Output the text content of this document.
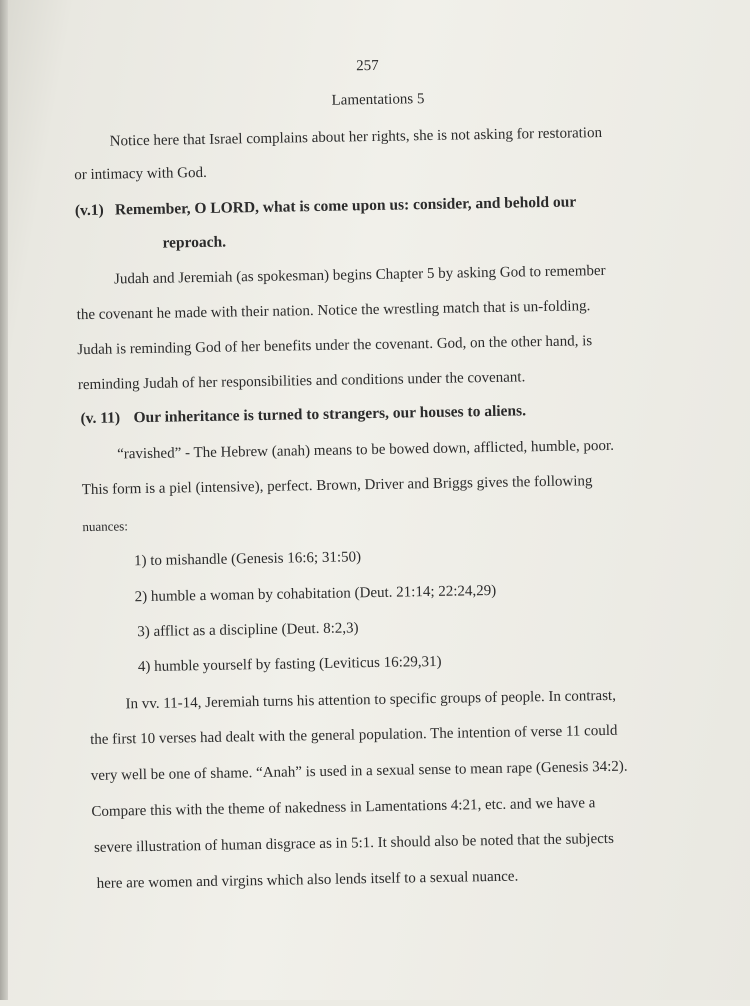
257
Lamentations 5
Notice here that Israel complains about her rights, she is not asking for restoration
or intimacy with God.
(v.1) Remember, O LORD, what is come upon us: consider, and behold our
reproach.
Judah and Jeremiah (as spokesman) begins Chapter 5 by asking God to remember
the covenant he made with their nation. Notice the wrestling match that is un-folding.
Judah is reminding God of her benefits under the covenant. God, on the other hand, is
reminding Judah of her responsibilities and conditions under the covenant.
(v. 11) Our inheritance is turned to strangers, our houses to aliens.
“ravished” - The Hebrew (anah) means to be bowed down, afflicted, humble, poor.
This form is a piel (intensive), perfect. Brown, Driver and Briggs gives the following
nuances:
1) to mishandle (Genesis 16:6; 31:50)
2) humble a woman by cohabitation (Deut. 21:14; 22:24,29)
3) afflict as a discipline (Deut. 8:2,3)
4) humble yourself by fasting (Leviticus 16:29,31)
In vv. 11-14, Jeremiah turns his attention to specific groups of people. In contrast,
the first 10 verses had dealt with the general population. The intention of verse 11 could
very well be one of shame. “Anah” is used in a sexual sense to mean rape (Genesis 34:2).
Compare this with the theme of nakedness in Lamentations 4:21, etc. and we have a
severe illustration of human disgrace as in 5:1. It should also be noted that the subjects
here are women and virgins which also lends itself to a sexual nuance.
